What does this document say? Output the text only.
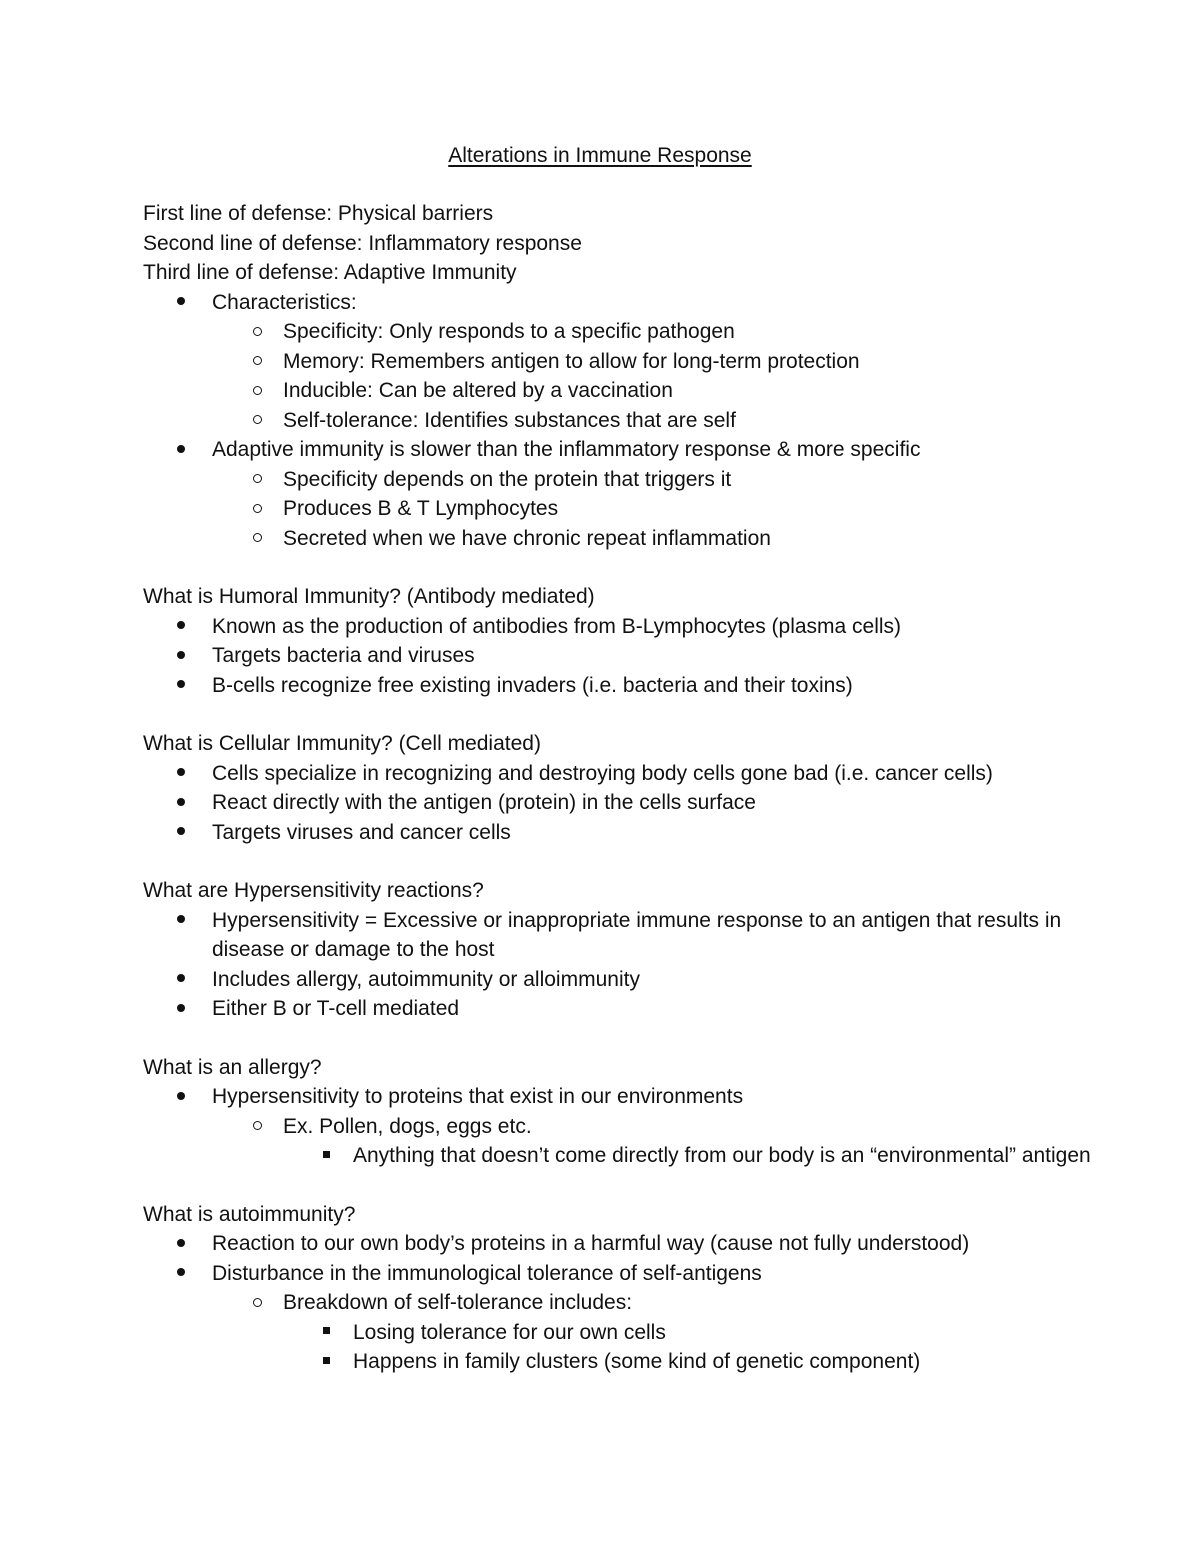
Alterations in Immune Response
First line of defense: Physical barriers
Second line of defense: Inflammatory response
Third line of defense: Adaptive Immunity
Characteristics:
Specificity: Only responds to a specific pathogen
Memory: Remembers antigen to allow for long-term protection
Inducible: Can be altered by a vaccination
Self-tolerance: Identifies substances that are self
Adaptive immunity is slower than the inflammatory response & more specific
Specificity depends on the protein that triggers it
Produces B & T Lymphocytes
Secreted when we have chronic repeat inflammation
What is Humoral Immunity? (Antibody mediated)
Known as the production of antibodies from B-Lymphocytes (plasma cells)
Targets bacteria and viruses
B-cells recognize free existing invaders (i.e. bacteria and their toxins)
What is Cellular Immunity? (Cell mediated)
Cells specialize in recognizing and destroying body cells gone bad (i.e. cancer cells)
React directly with the antigen (protein) in the cells surface
Targets viruses and cancer cells
What are Hypersensitivity reactions?
Hypersensitivity = Excessive or inappropriate immune response to an antigen that results in disease or damage to the host
Includes allergy, autoimmunity or alloimmunity
Either B or T-cell mediated
What is an allergy?
Hypersensitivity to proteins that exist in our environments
Ex. Pollen, dogs, eggs etc.
Anything that doesn’t come directly from our body is an “environmental” antigen
What is autoimmunity?
Reaction to our own body’s proteins in a harmful way (cause not fully understood)
Disturbance in the immunological tolerance of self-antigens
Breakdown of self-tolerance includes:
Losing tolerance for our own cells
Happens in family clusters (some kind of genetic component)
